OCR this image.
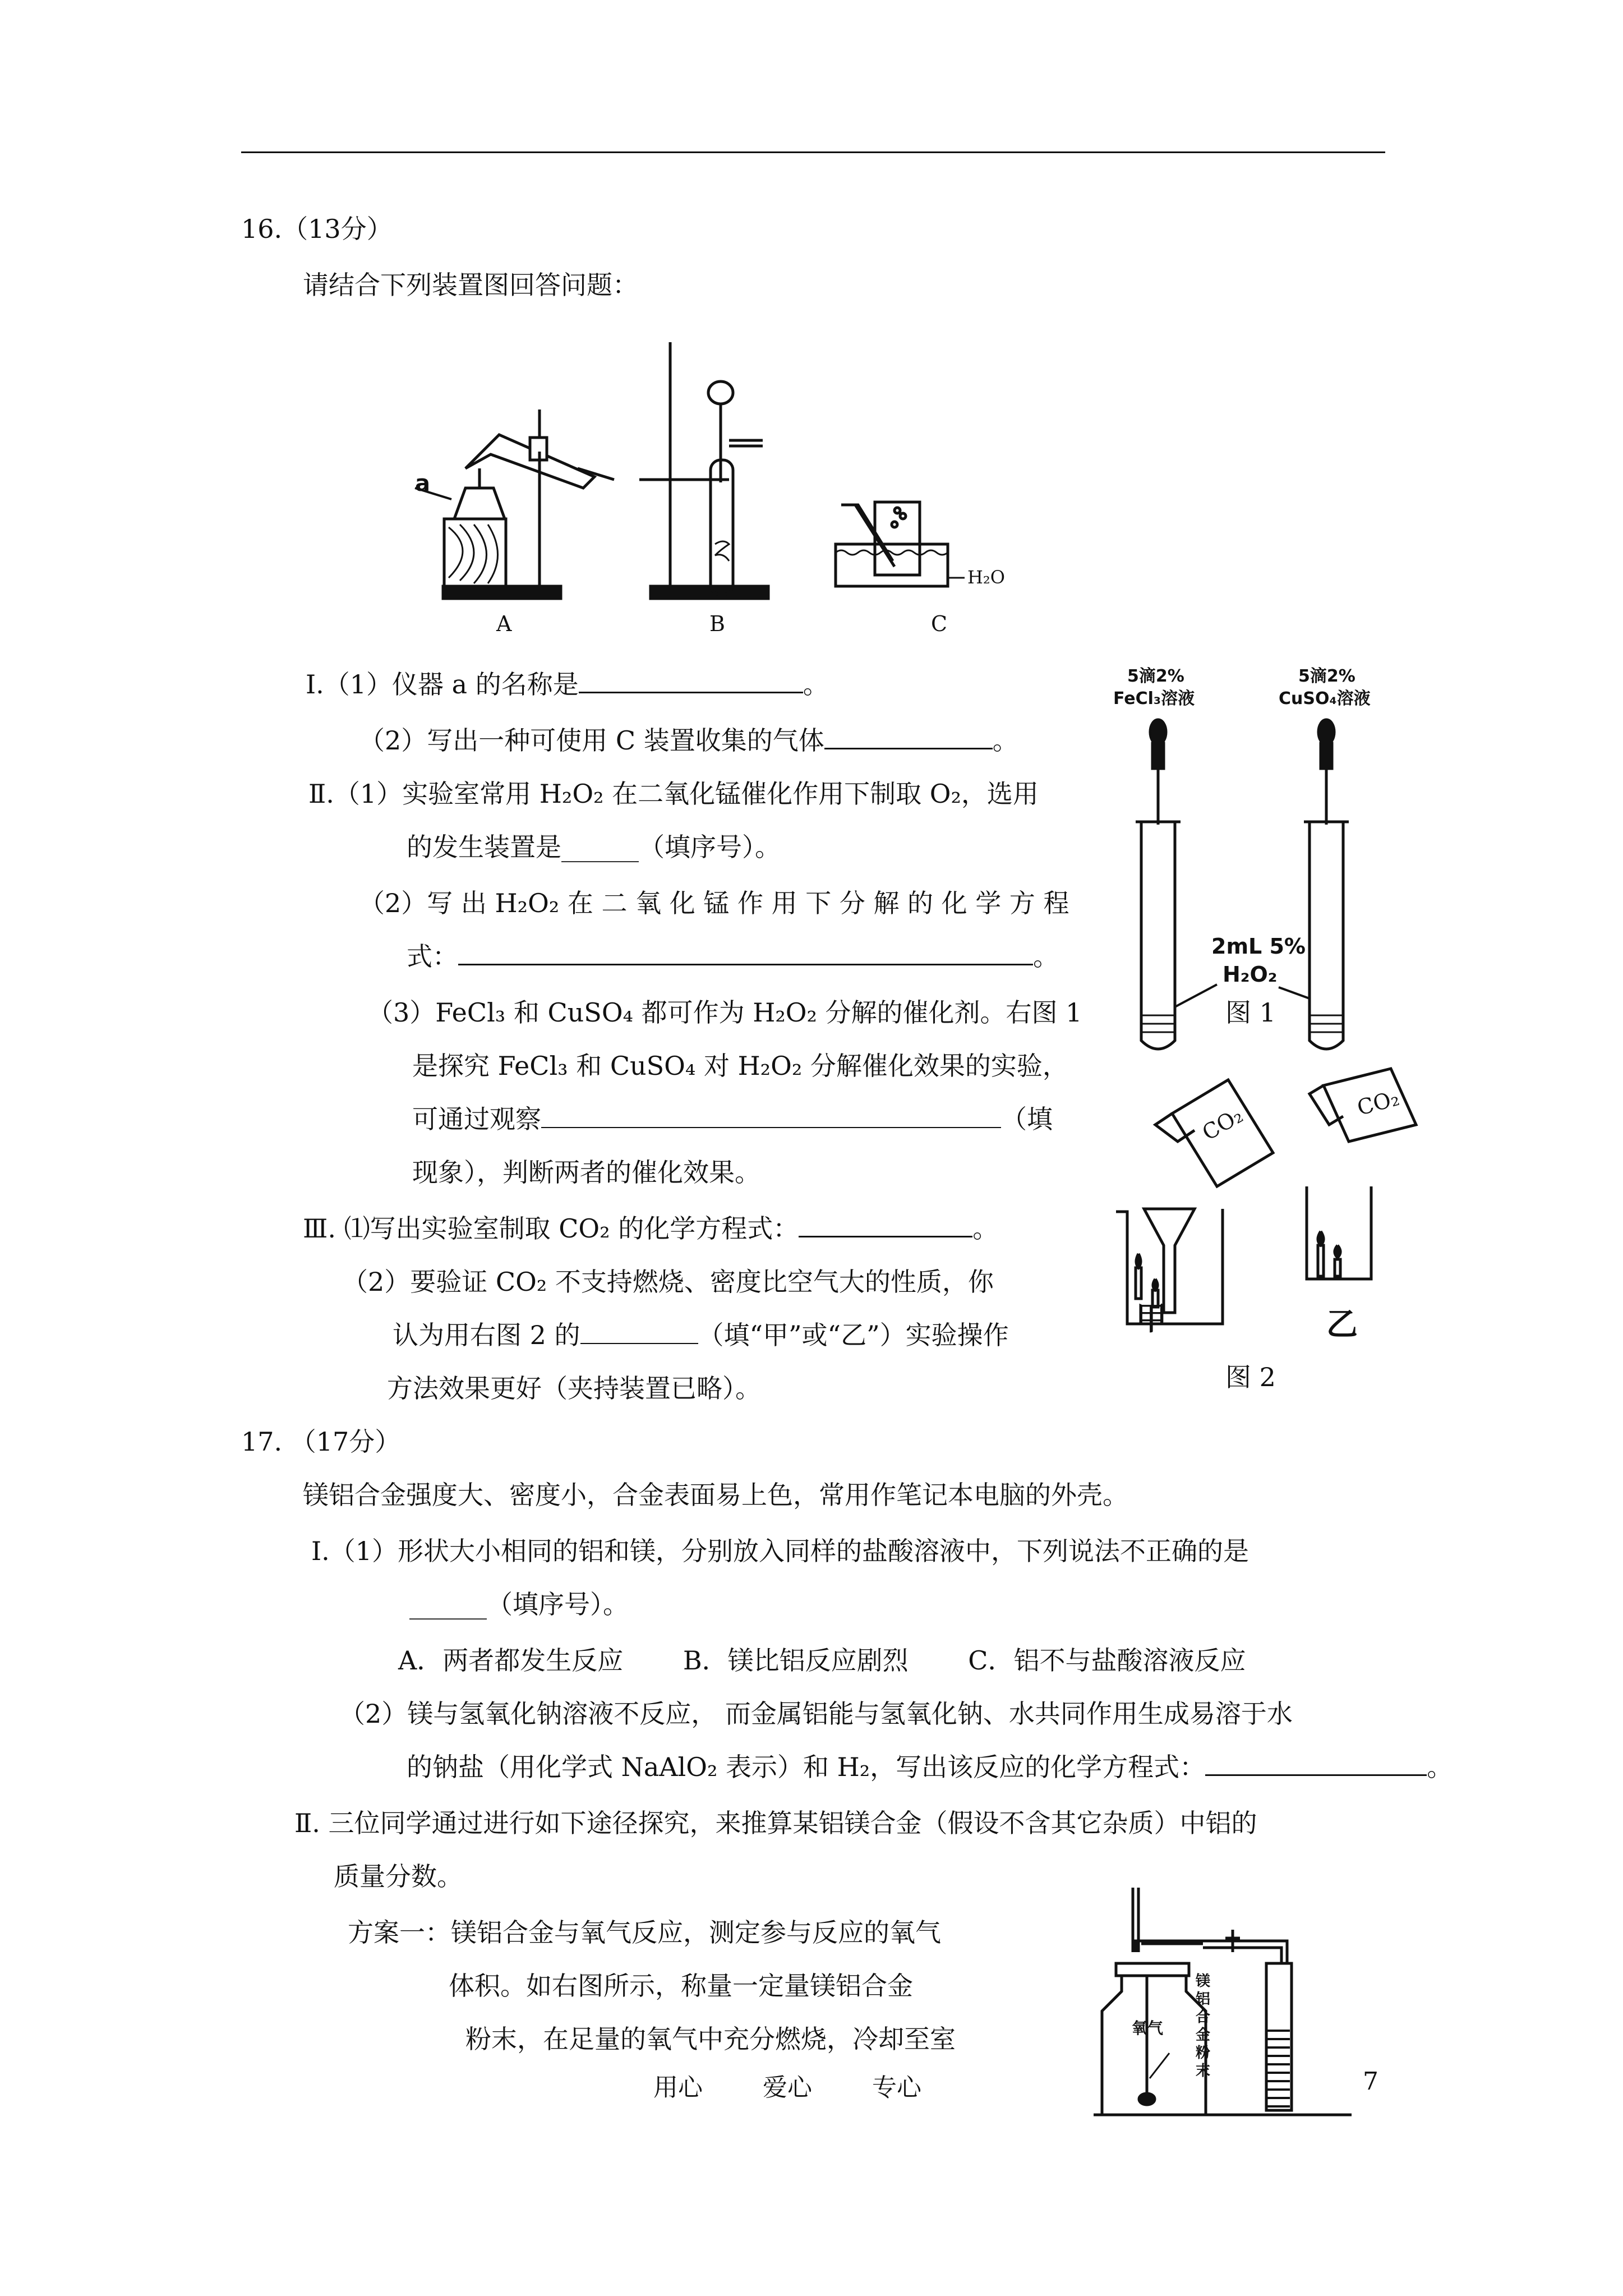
16.（13分）
请结合下列装置图回答问题：
a
A	B
H₂O
C
Ⅰ.（1）仪器 a 的名称是	。
（2）写出一种可使用 C 装置收集的气体	。
Ⅱ.（1）实验室常用 H₂O₂ 在二氧化锰催化作用下制取 O₂，选用
的发生装置是______（填序号）。
（2）写 出 H₂O₂ 在 二 氧 化 锰 作 用 下 分 解 的 化 学 方 程
式：	。
（3）FeCl₃ 和 CuSO₄ 都可作为 H₂O₂ 分解的催化剂。右图 1
是探究 FeCl₃ 和 CuSO₄ 对 H₂O₂ 分解催化效果的实验，
可通过观察	（填
现象），判断两者的催化效果。
Ⅲ. ⑴写出实验室制取 CO₂ 的化学方程式：	。
（2）要验证 CO₂ 不支持燃烧、密度比空气大的性质，你
认为用右图 2 的	（填“甲”或“乙”）实验操作
方法效果更好（夹持装置已略）。
5滴2%
FeCl₃溶液
5滴2%
CuSO₄溶液
2mL 5%
H₂O₂
图 1
CO₂	CO₂
甲	乙
图 2
17. （17分）
镁铝合金强度大、密度小，合金表面易上色，常用作笔记本电脑的外壳。
Ⅰ.（1）形状大小相同的铝和镁，分别放入同样的盐酸溶液中，下列说法不正确的是
______（填序号）。
A．两者都发生反应　　 B．镁比铝反应剧烈　　 C．铝不与盐酸溶液反应
（2）镁与氢氧化钠溶液不反应， 而金属铝能与氢氧化钠、水共同作用生成易溶于水
的钠盐（用化学式 NaAlO₂ 表示）和 H₂，写出该反应的化学方程式：	。
Ⅱ. 三位同学通过进行如下途径探究，来推算某铝镁合金（假设不含其它杂质）中铝的
质量分数。
方案一：镁铝合金与氧气反应，测定参与反应的氧气
体积。如右图所示，称量一定量镁铝合金
粉末，在足量的氧气中充分燃烧，冷却至室	氧气
镁
铝
合
金
粉
末
用心 爱心 专心	7
